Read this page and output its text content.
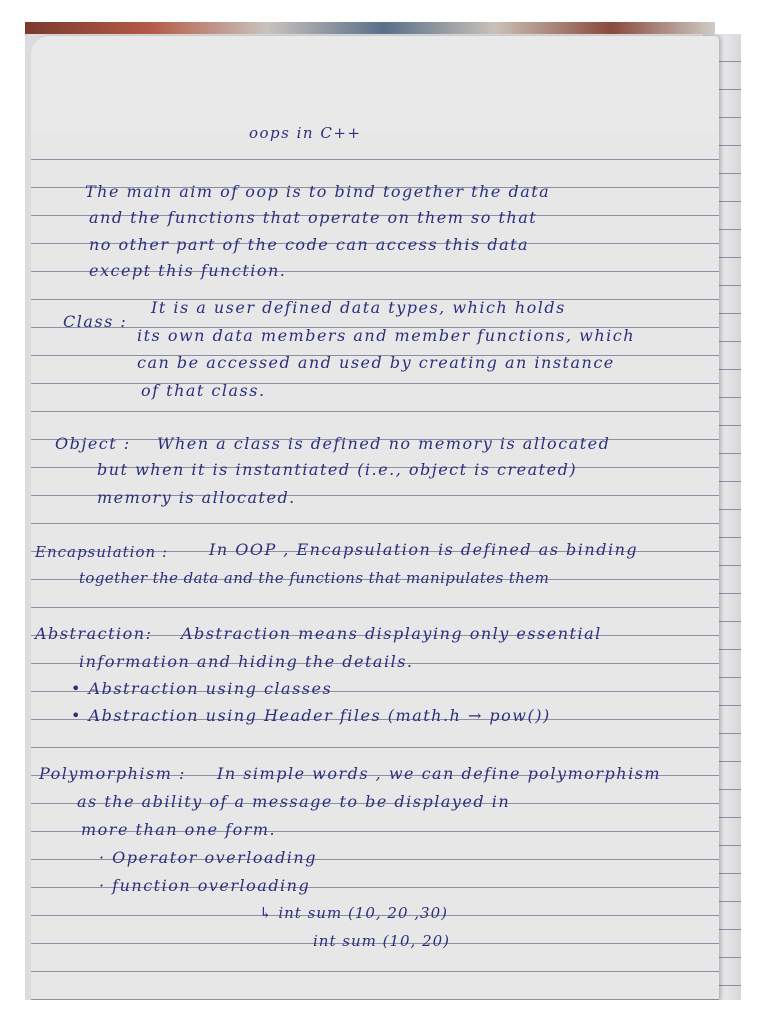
oops in C++
The main aim of oop is to bind together the data
and the functions that operate on them so that
no other part of the code can access this data
except this function.
Class :
It is a user defined data types, which holds
its own data members and member functions, which
can be accessed and used by creating an instance
of that class.
Object : When a class is defined no memory is allocated
but when it is instantiated (i.e., object is created)
memory is allocated.
Encapsulation :	In OOP , Encapsulation is defined as binding
together the data and the functions that manipulates them
Abstraction: Abstraction means displaying only essential
information and hiding the details.
• Abstraction using classes
• Abstraction using Header files (math.h → pow())
Polymorphism : In simple words , we can define polymorphism
as the ability of a message to be displayed in
more than one form.
· Operator overloading
· function overloading
↳ int sum (10, 20 ,30)
int sum (10, 20)
